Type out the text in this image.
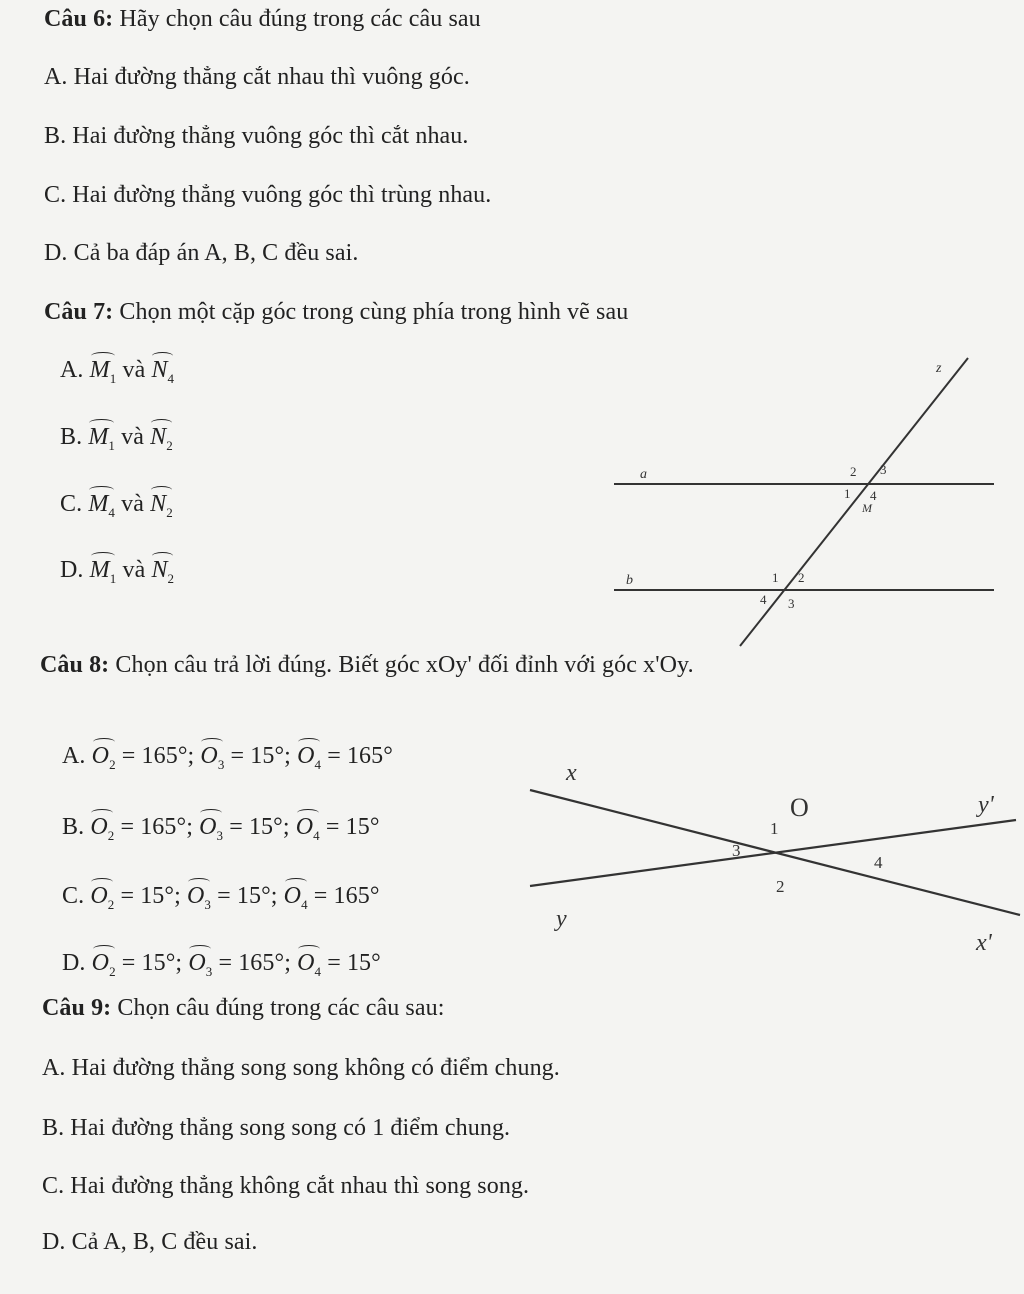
Câu 6: Hãy chọn câu đúng trong các câu sau
A. Hai đường thẳng cắt nhau thì vuông góc.
B. Hai đường thẳng vuông góc thì cắt nhau.
C. Hai đường thẳng vuông góc thì trùng nhau.
D. Cả ba đáp án A, B, C đều sai.
Câu 7: Chọn một cặp góc trong cùng phía trong hình vẽ sau
A. $M_1$ và $N_4$
B. $M_1$ và $N_2$
C. $M_4$ và $N_2$
D. $M_1$ và $N_2$
z
a
b
2 3
1 4
M
1 2
4 3
Câu 8: Chọn câu trả lời đúng. Biết góc xOy' đối đỉnh với góc x'Oy.
A. $O_2 = 165^\circ$; $O_3 = 15^\circ$; $O_4 = 165^\circ$
B. $O_2 = 165^\circ$; $O_3 = 15^\circ$; $O_4 = 15^\circ$
C. $O_2 = 15^\circ$; $O_3 = 15^\circ$; $O_4 = 165^\circ$
D. $O_2 = 15^\circ$; $O_3 = 165^\circ$; $O_4 = 15^\circ$
x
O	y'
y
x'
1
2
3
4
Câu 9: Chọn câu đúng trong các câu sau:
A. Hai đường thẳng song song không có điểm chung.
B. Hai đường thẳng song song có 1 điểm chung.
C. Hai đường thẳng không cắt nhau thì song song.
D. Cả A, B, C đều sai.
